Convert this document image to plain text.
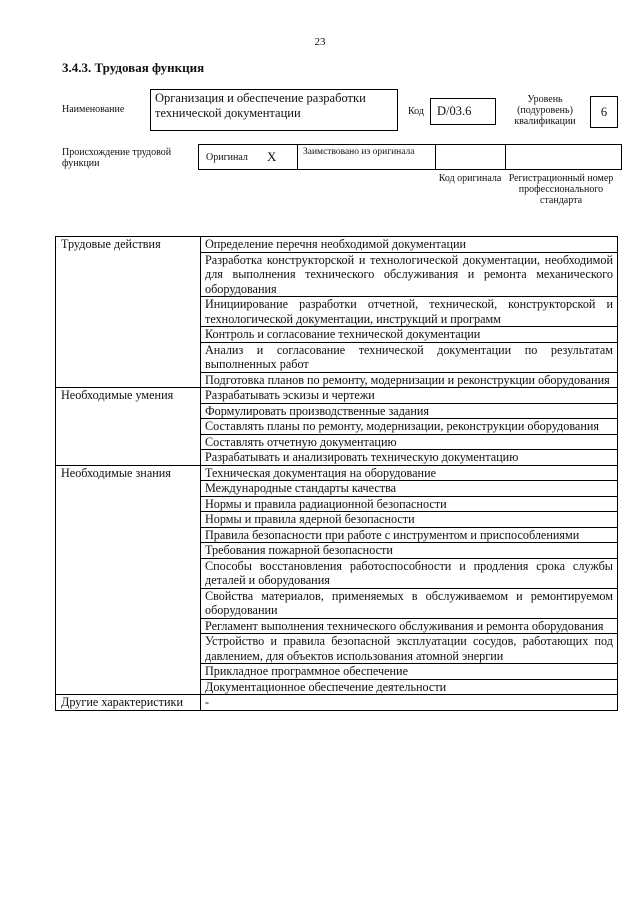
23
3.4.3. Трудовая функция
Наименование
Организация и обеспечение разработки технической документации	Код	D/03.6
Уровень (подуровень) квалификации
6
Происхождение трудовой функции
Оригинал X	Заимствовано из оригинала
Код оригинала Регистрационный номер профессионального стандарта
Трудовые действия	Определение перечня необходимой документации
	Разработка конструкторской и технологической документации, необходимой для выполнения технического обслуживания и ремонта механического оборудования
	Инициирование разработки отчетной, технической, конструкторской и технологической документации, инструкций и программ
	Контроль и согласование технической документации
	Анализ и согласование технической документации по результатам выполненных работ
	Подготовка планов по ремонту, модернизации и реконструкции оборудования
Необходимые умения	Разрабатывать эскизы и чертежи
	Формулировать производственные задания
	Составлять планы по ремонту, модернизации, реконструкции оборудования
	Составлять отчетную документацию
	Разрабатывать и анализировать техническую документацию
Необходимые знания	Техническая документация на оборудование
	Международные стандарты качества
	Нормы и правила радиационной безопасности
	Нормы и правила ядерной безопасности
	Правила безопасности при работе с инструментом и приспособлениями
	Требования пожарной безопасности
	Способы восстановления работоспособности и продления срока службы деталей и оборудования
	Свойства материалов, применяемых в обслуживаемом и ремонтируемом оборудовании
	Регламент выполнения технического обслуживания и ремонта оборудования
	Устройство и правила безопасной эксплуатации сосудов, работающих под давлением, для объектов использования атомной энергии
	Прикладное программное обеспечение
	Документационное обеспечение деятельности
Другие характеристики	-
